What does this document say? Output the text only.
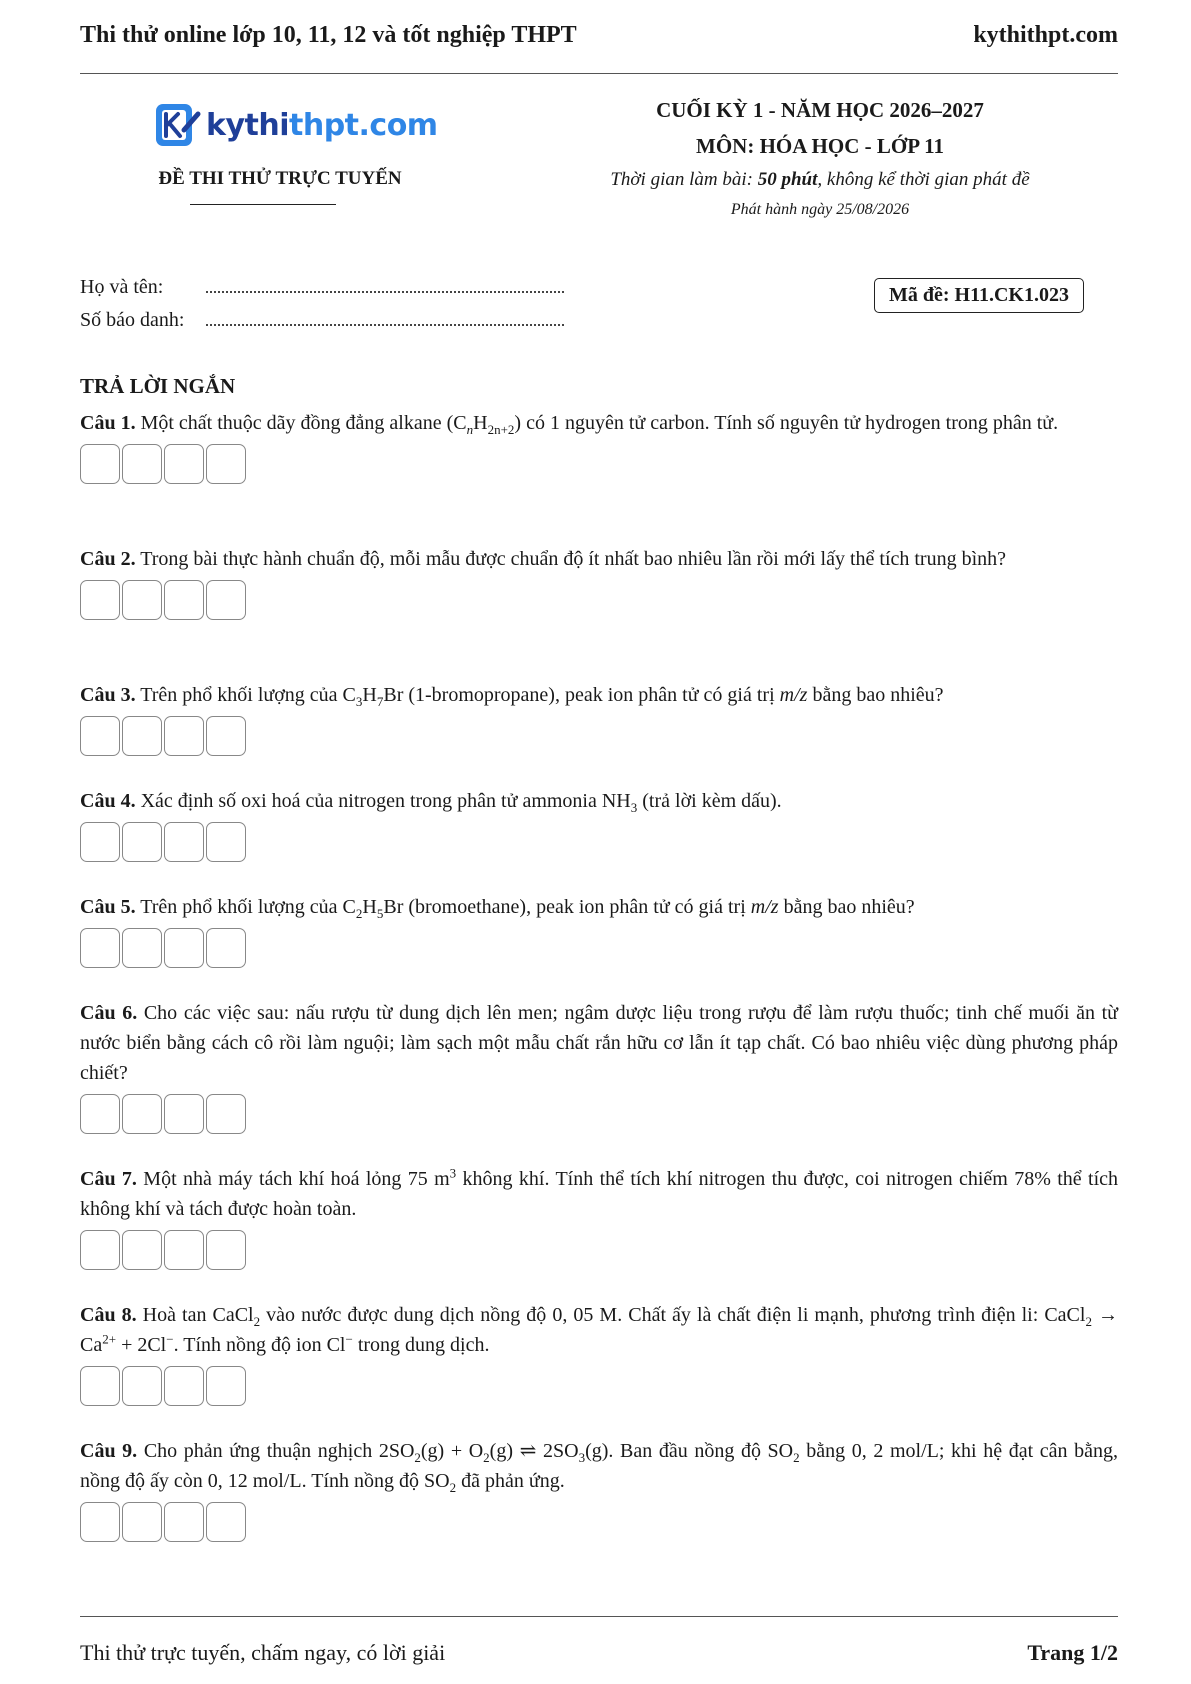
Thi thử online lớp 10, 11, 12 và tốt nghiệp THPT	kythithpt.com
kythithpt.com
ĐỀ THI THỬ TRỰC TUYẾN
CUỐI KỲ 1 - NĂM HỌC 2026–2027
MÔN: HÓA HỌC - LỚP 11
Thời gian làm bài: 50 phút, không kể thời gian phát đề
Phát hành ngày 25/08/2026
Họ và tên:
Số báo danh:
Mã đề: H11.CK1.023
TRẢ LỜI NGẮN
Câu 1. Một chất thuộc dãy đồng đẳng alkane $(C_nH_{2n+2})$ có 1 nguyên tử carbon. Tính số nguyên tử hydrogen trong phân tử.
Câu 2. Trong bài thực hành chuẩn độ, mỗi mẫu được chuẩn độ ít nhất bao nhiêu lần rồi mới lấy thể tích trung bình?
Câu 3. Trên phổ khối lượng của $C_3H_7Br$ (1-bromopropane), peak ion phân tử có giá trị m/z bằng bao nhiêu?
Câu 4. Xác định số oxi hoá của nitrogen trong phân tử ammonia $NH_3$ (trả lời kèm dấu).
Câu 5. Trên phổ khối lượng của $C_2H_5Br$ (bromoethane), peak ion phân tử có giá trị m/z bằng bao nhiêu?
Câu 6. Cho các việc sau: nấu rượu từ dung dịch lên men; ngâm dược liệu trong rượu để làm rượu thuốc; tinh chế muối ăn từ nước biển bằng cách cô rồi làm nguội; làm sạch một mẫu chất rắn hữu cơ lẫn ít tạp chất. Có bao nhiêu việc dùng phương pháp chiết?
Câu 7. Một nhà máy tách khí hoá lỏng 75 $m^3$ không khí. Tính thể tích khí nitrogen thu được, coi nitrogen chiếm 78% thể tích không khí và tách được hoàn toàn.
Câu 8. Hoà tan CaCl$_2$ vào nước được dung dịch nồng độ 0, 05 M. Chất ấy là chất điện li mạnh, phương trình điện li: CaCl$_2$ → $Ca^{2+} + 2Cl^-$. Tính nồng độ ion Cl− trong dung dịch.
Câu 9. Cho phản ứng thuận nghịch $2SO_2(g) + O_2(g)$ ⇌ $2SO_3(g)$. Ban đầu nồng độ $SO_2$ bằng 0, 2 mol/L; khi hệ đạt cân bằng, nồng độ ấy còn 0, 12 mol/L. Tính nồng độ $SO_2$ đã phản ứng.
Thi thử trực tuyến, chấm ngay, có lời giải	Trang 1/2
